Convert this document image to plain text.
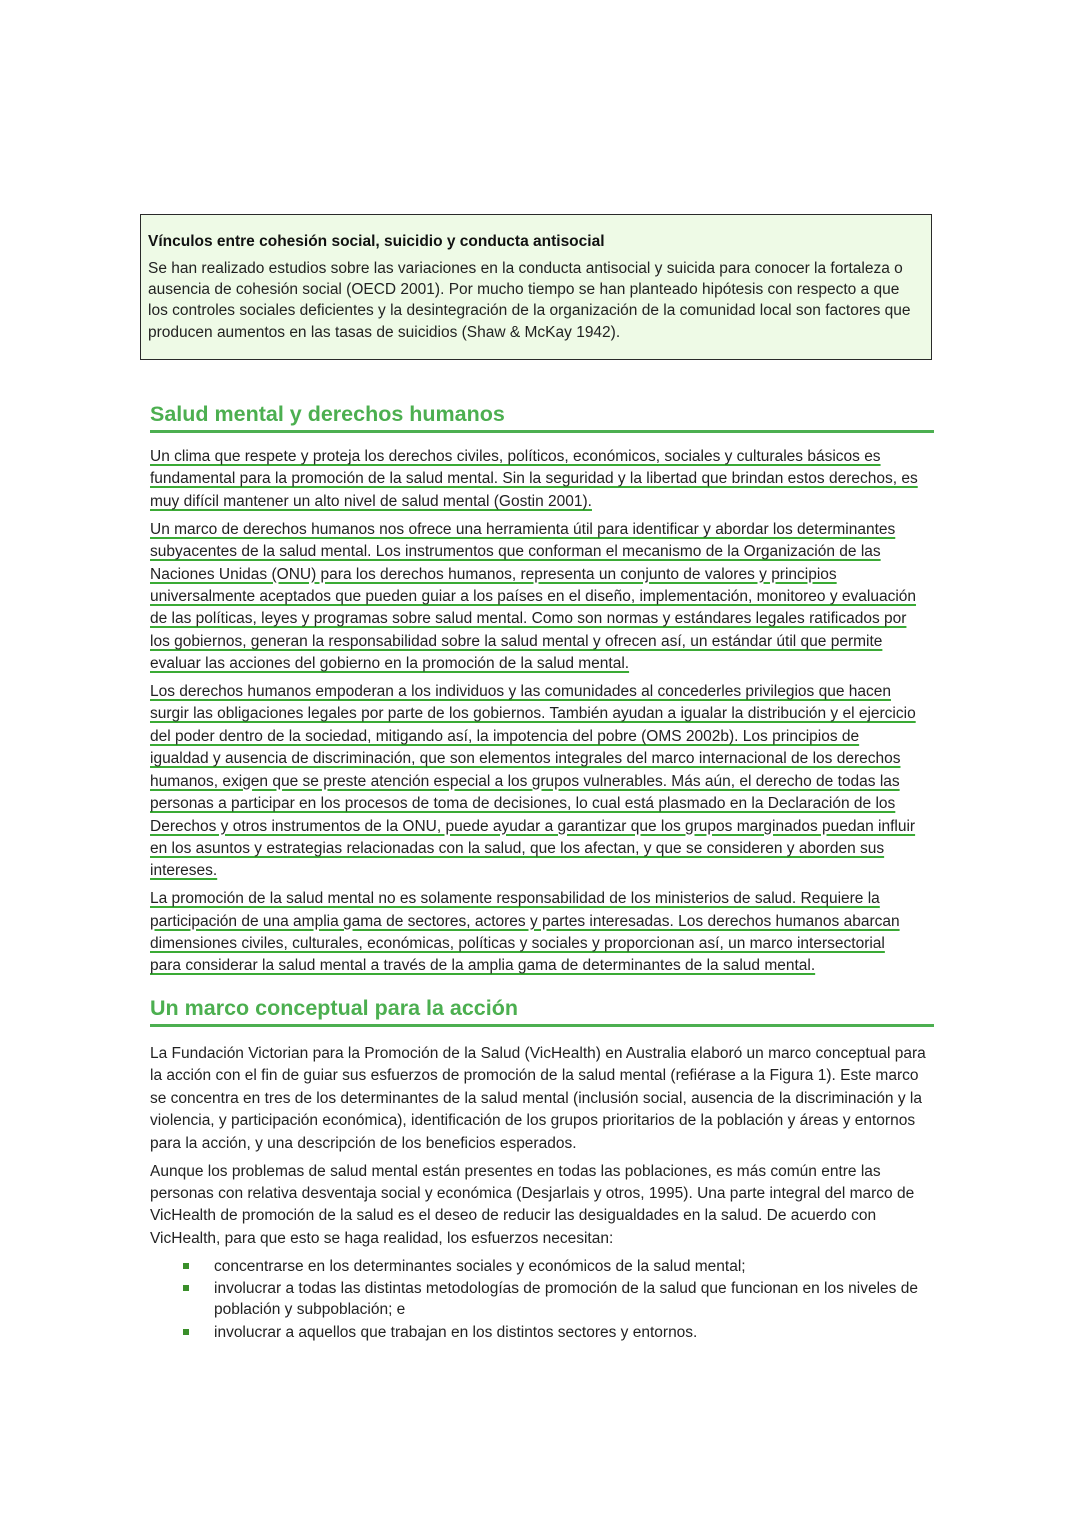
Vínculos entre cohesión social, suicidio y conducta antisocial

Se han realizado estudios sobre las variaciones en la conducta antisocial y suicida para conocer la fortaleza o ausencia de cohesión social (OECD 2001). Por mucho tiempo se han planteado hipótesis con respecto a que los controles sociales deficientes y la desintegración de la organización de la comunidad local son factores que producen aumentos en las tasas de suicidios (Shaw & McKay 1942).

Salud mental y derechos humanos

Un clima que respete y proteja los derechos civiles, políticos, económicos, sociales y culturales básicos es fundamental para la promoción de la salud mental. Sin la seguridad y la libertad que brindan estos derechos, es muy difícil mantener un alto nivel de salud mental (Gostin 2001).

Un marco de derechos humanos nos ofrece una herramienta útil para identificar y abordar los determinantes subyacentes de la salud mental. Los instrumentos que conforman el mecanismo de la Organización de las Naciones Unidas (ONU) para los derechos humanos, representa un conjunto de valores y principios universalmente aceptados que pueden guiar a los países en el diseño, implementación, monitoreo y evaluación de las políticas, leyes y programas sobre salud mental. Como son normas y estándares legales ratificados por los gobiernos, generan la responsabilidad sobre la salud mental y ofrecen así, un estándar útil que permite evaluar las acciones del gobierno en la promoción de la salud mental.

Los derechos humanos empoderan a los individuos y las comunidades al concederles privilegios que hacen surgir las obligaciones legales por parte de los gobiernos. También ayudan a igualar la distribución y el ejercicio del poder dentro de la sociedad, mitigando así, la impotencia del pobre (OMS 2002b). Los principios de igualdad y ausencia de discriminación, que son elementos integrales del marco internacional de los derechos humanos, exigen que se preste atención especial a los grupos vulnerables. Más aún, el derecho de todas las personas a participar en los procesos de toma de decisiones, lo cual está plasmado en la Declaración de los Derechos y otros instrumentos de la ONU, puede ayudar a garantizar que los grupos marginados puedan influir en los asuntos y estrategias relacionadas con la salud, que los afectan, y que se consideren y aborden sus intereses.

La promoción de la salud mental no es solamente responsabilidad de los ministerios de salud. Requiere la participación de una amplia gama de sectores, actores y partes interesadas. Los derechos humanos abarcan dimensiones civiles, culturales, económicas, políticas y sociales y proporcionan así, un marco intersectorial para considerar la salud mental a través de la amplia gama de determinantes de la salud mental.

Un marco conceptual para la acción

La Fundación Victorian para la Promoción de la Salud (VicHealth) en Australia elaboró un marco conceptual para la acción con el fin de guiar sus esfuerzos de promoción de la salud mental (refiérase a la Figura 1). Este marco se concentra en tres de los determinantes de la salud mental (inclusión social, ausencia de la discriminación y la violencia, y participación económica), identificación de los grupos prioritarios de la población y áreas y entornos para la acción, y una descripción de los beneficios esperados.

Aunque los problemas de salud mental están presentes en todas las poblaciones, es más común entre las personas con relativa desventaja social y económica (Desjarlais y otros, 1995). Una parte integral del marco de VicHealth de promoción de la salud es el deseo de reducir las desigualdades en la salud. De acuerdo con VicHealth, para que esto se haga realidad, los esfuerzos necesitan:

concentrarse en los determinantes sociales y económicos de la salud mental;
involucrar a todas las distintas metodologías de promoción de la salud que funcionan en los niveles de población y subpoblación; e
involucrar a aquellos que trabajan en los distintos sectores y entornos.
